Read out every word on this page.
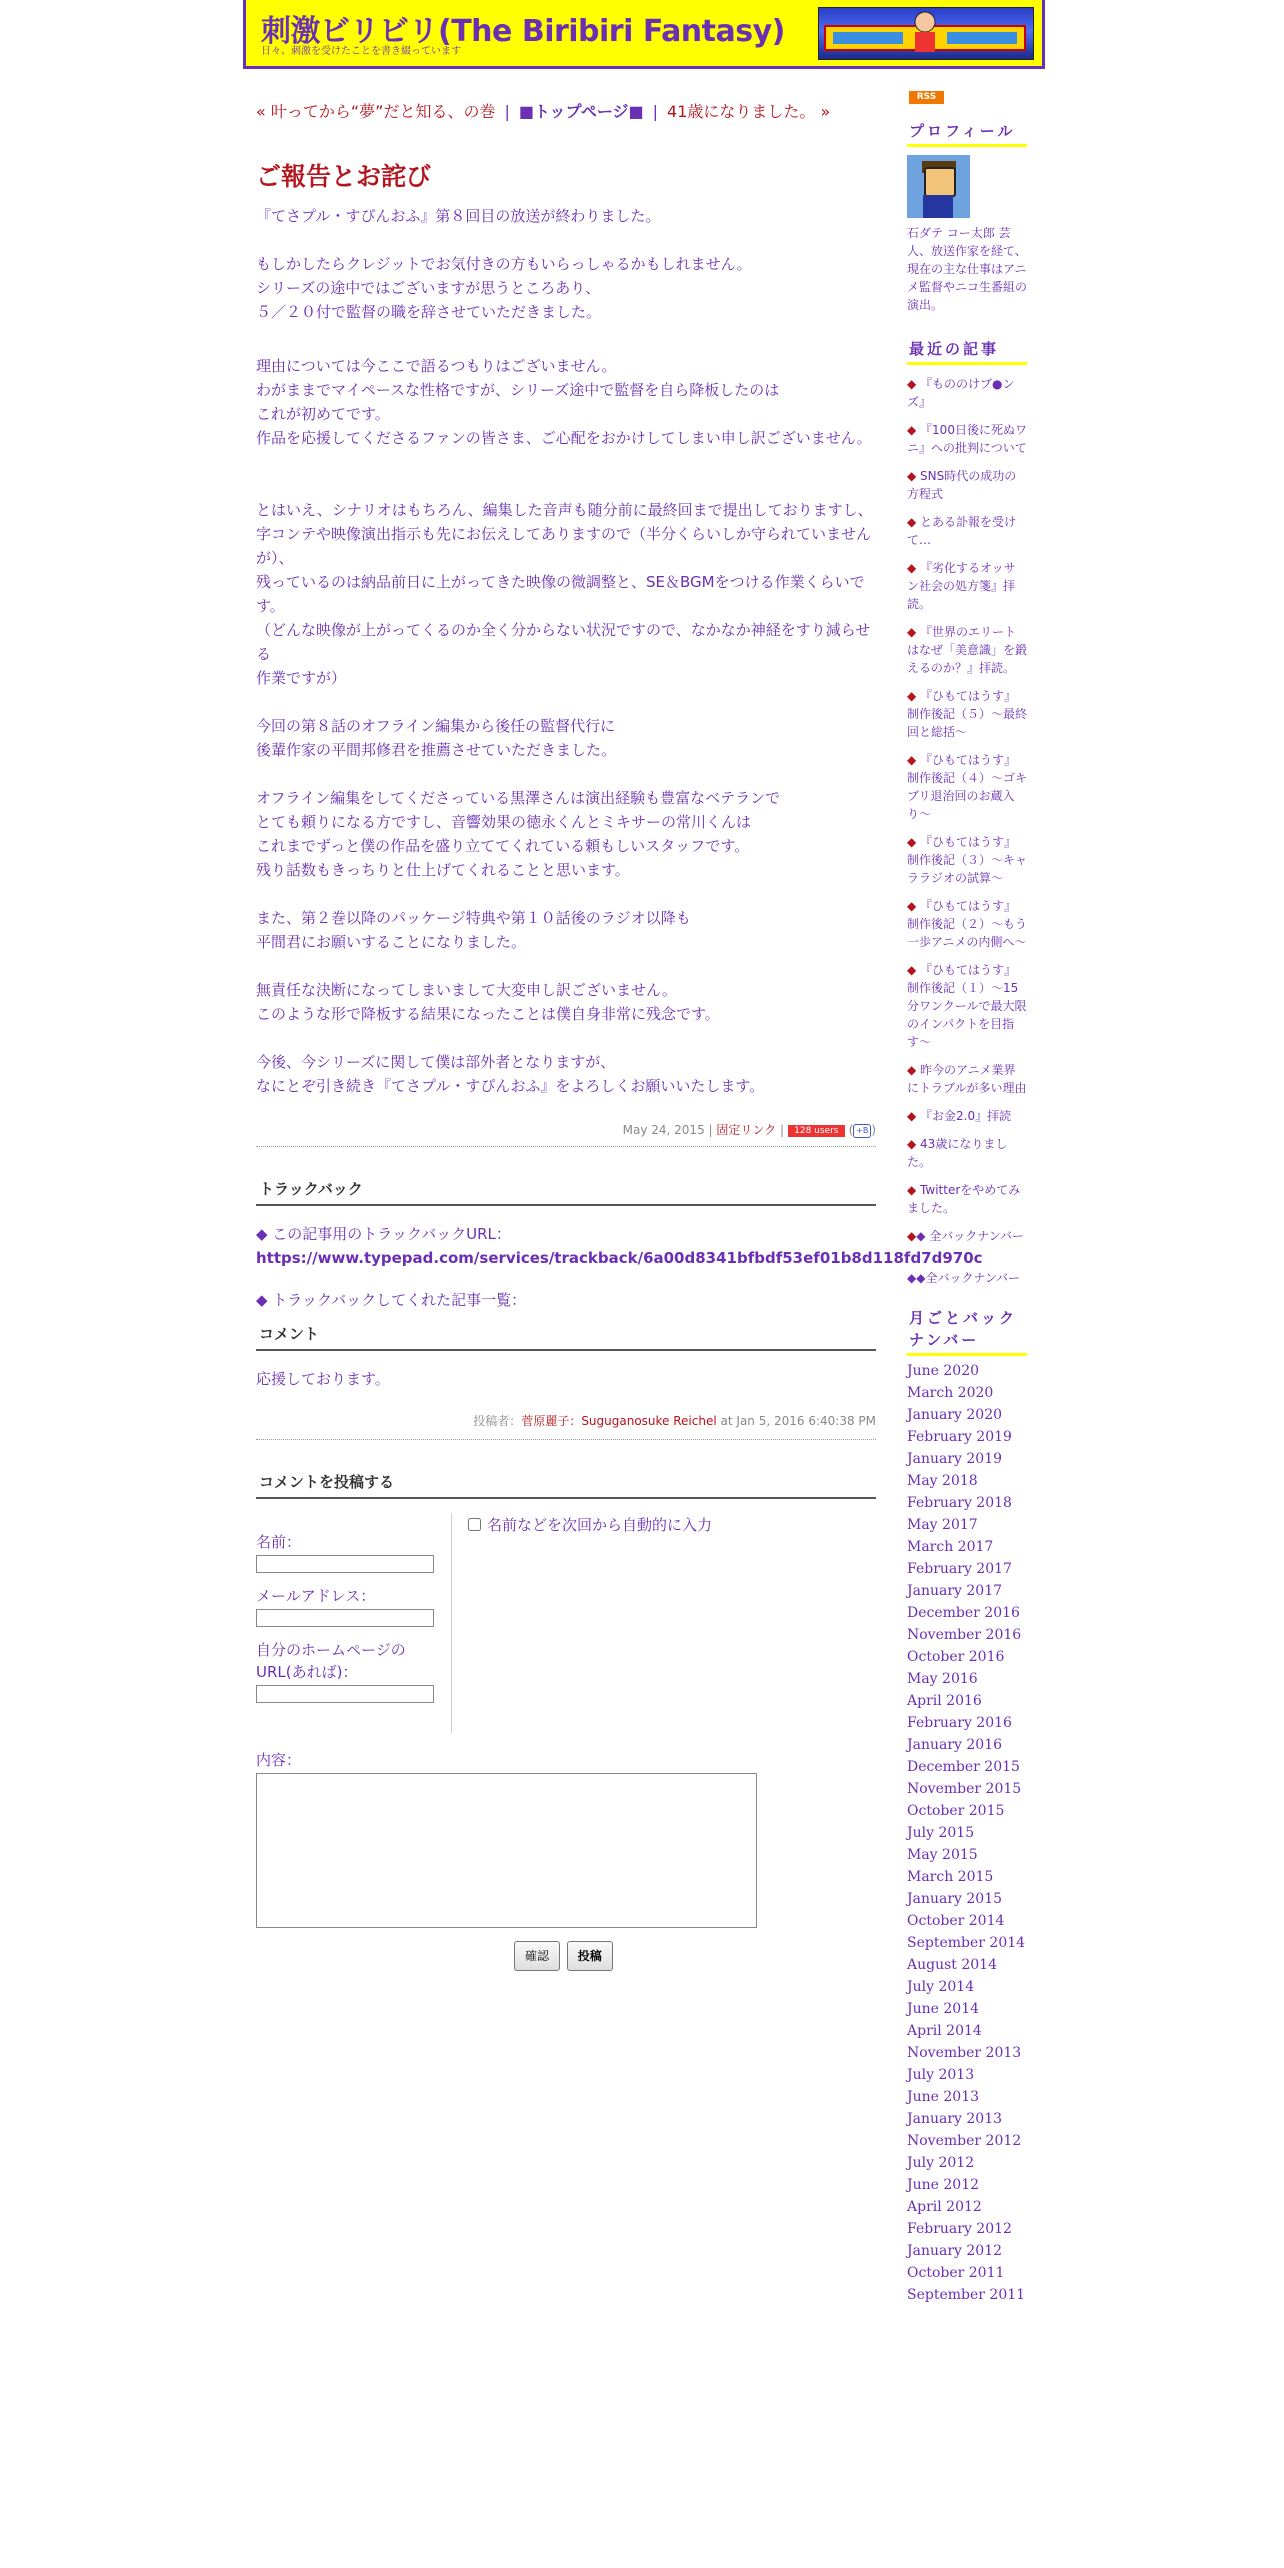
刺激ビリビリ(The Biribiri Fantasy)
日々、刺激を受けたことを書き綴っています
« 叶ってから“夢”だと知る、の巻 | ■トップページ■ | 41歳になりました。 »
ご報告とお詫び

『てさプル・すぴんおふ』第８回目の放送が終わりました。

もしかしたらクレジットでお気付きの方もいらっしゃるかもしれません。

シリーズの途中ではございますが思うところあり、

５／２０付で監督の職を辞させていただきました。

理由については今ここで語るつもりはございません。

わがままでマイペースな性格ですが、シリーズ途中で監督を自ら降板したのは

これが初めてです。

作品を応援してくださるファンの皆さま、ご心配をおかけしてしまい申し訳ございません。

とはいえ、シナリオはもちろん、編集した音声も随分前に最終回まで提出しておりますし、

字コンテや映像演出指示も先にお伝えしてありますので（半分くらいしか守られていませんが）、

残っているのは納品前日に上がってきた映像の微調整と、SE＆BGMをつける作業くらいです。

（どんな映像が上がってくるのか全く分からない状況ですので、なかなか神経をすり減らせる

作業ですが）

今回の第８話のオフライン編集から後任の監督代行に

後輩作家の平間邦修君を推薦させていただきました。

オフライン編集をしてくださっている黒澤さんは演出経験も豊富なベテランで

とても頼りになる方ですし、音響効果の徳永くんとミキサーの常川くんは

これまでずっと僕の作品を盛り立ててくれている頼もしいスタッフです。

残り話数もきっちりと仕上げてくれることと思います。

また、第２巻以降のパッケージ特典や第１０話後のラジオ以降も

平間君にお願いすることになりました。

無責任な決断になってしまいまして大変申し訳ございません。

このような形で降板する結果になったことは僕自身非常に残念です。

今後、今シリーズに関して僕は部外者となりますが、

なにとぞ引き続き『てさプル・すぴんおふ』をよろしくお願いいたします。

May 24, 2015 | 固定リンク | 128 users ( +B )
トラックバック
◆ この記事用のトラックバックURL：
https://www.typepad.com/services/trackback/6a00d8341bfbdf53ef01b8d118fd7d970c
◆ トラックバックしてくれた記事一覧：
コメント
応援しております。
投稿者：菅原麗子：Suguganosuke Reichel at Jan 5, 2016 6:40:38 PM
コメントを投稿する
名前：
メールアドレス：
自分のホームページのURL(あれば)：
名前などを次回から自動的に入力
内容：
確認 投稿
RSS
プロフィール
石ダテ コー太郎 芸人、放送作家を経て、現在の主な仕事はアニメ監督やニコ生番組の演出。
最近の記事
◆ 『もののけブ●ンズ』
◆ 『100日後に死ぬワニ』への批判について
◆ SNS時代の成功の方程式
◆ とある訃報を受けて…
◆ 『劣化するオッサン社会の処方箋』拝読。
◆ 『世界のエリートはなぜ「美意識」を鍛えるのか？』拝読。
◆ 『ひもてはうす』制作後記（５）〜最終回と総括〜
◆ 『ひもてはうす』制作後記（４）〜ゴキブリ退治回のお蔵入り〜
◆ 『ひもてはうす』制作後記（３）〜キャララジオの試算〜
◆ 『ひもてはうす』制作後記（２）〜もう一歩アニメの内側へ〜
◆ 『ひもてはうす』制作後記（１）〜15分ワンクールで最大限のインパクトを目指す〜
◆ 昨今のアニメ業界にトラブルが多い理由
◆ 『お金2.0』拝読
◆ 43歳になりました。
◆ Twitterをやめてみました。
◆◆ 全バックナンバー
◆◆全バックナンバー
月ごとバックナンバー
June 2020
March 2020
January 2020
February 2019
January 2019
May 2018
February 2018
May 2017
March 2017
February 2017
January 2017
December 2016
November 2016
October 2016
May 2016
April 2016
February 2016
January 2016
December 2015
November 2015
October 2015
July 2015
May 2015
March 2015
January 2015
October 2014
September 2014
August 2014
July 2014
June 2014
April 2014
November 2013
July 2013
June 2013
January 2013
November 2012
July 2012
June 2012
April 2012
February 2012
January 2012
October 2011
September 2011
